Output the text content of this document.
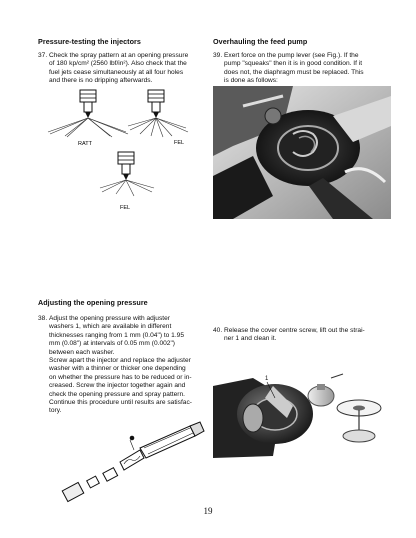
Pressure-testing the injectors
37. Check the spray pattern at an opening pressure
of 180 kp/cm² (2560 lbf/in²). Also check that the
fuel jets cease simultaneously at all four holes
and there is no dripping afterwards.
RATT	FEL
FEL
Adjusting the opening pressure
38. Adjust the opening pressure with adjuster
washers 1, which are available in different
thicknesses ranging from 1 mm (0.04") to 1.95
mm (0.08") at intervals of 0.05 mm (0.002")
between each washer.
Screw apart the injector and replace the adjuster
washer with a thinner or thicker one depending
on whether the pressure has to be reduced or in-
creased. Screw the injector together again and
check the opening pressure and spray pattern.
Continue this procedure until results are satisfac-
tory.
Overhauling the feed pump
39. Exert force on the pump lever (see Fig.). If the
pump "squeaks" then it is in good condition. If it
does not, the diaphragm must be replaced. This
is done as follows:
40. Release the cover centre screw, lift out the strai-
ner 1 and clean it.
1
19
